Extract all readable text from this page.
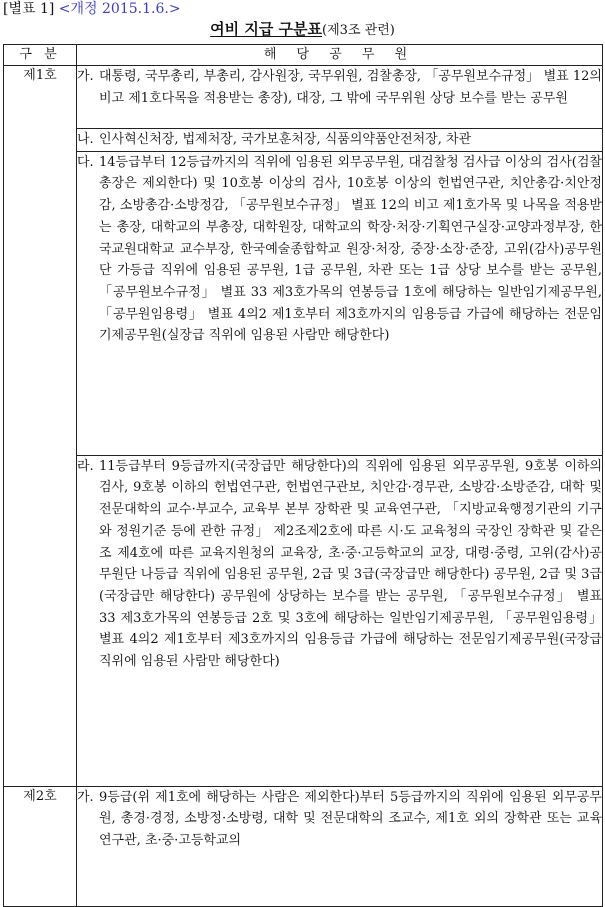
[별표 1] <개정 2015.1.6.>
여비 지급 구분표(제3조 관련)
구 분	해 당 공 무 원
제1호	가. 대통령, 국무총리, 부총리, 감사원장, 국무위원, 검찰총장, 「공무원보수규정」 별표 12의 비고 제1호다목을 적용받는 총장), 대장, 그 밖에 국무위원 상당 보수를 받는 공무원

	나. 인사혁신처장, 법제처장, 국가보훈처장, 식품의약품안전처장, 차관

	다. 14등급부터 12등급까지의 직위에 임용된 외무공무원, 대검찰청 검사급 이상의 검사(검찰총장은 제외한다) 및 10호봉 이상의 검사, 10호봉 이상의 헌법연구관, 치안총감·치안정감, 소방총감·소방정감, 「공무원보수규정」 별표 12의 비고 제1호가목 및 나목을 적용받는 총장, 대학교의 부총장, 대학원장, 대학교의 학장·처장·기획연구실장·교양과정부장, 한국교원대학교 교수부장, 한국예술종합학교 원장·처장, 중장·소장·준장, 고위(감사)공무원단 가등급 직위에 임용된 공무원, 1급 공무원, 차관 또는 1급 상당 보수를 받는 공무원, 「공무원보수규정」 별표 33 제3호가목의 연봉등급 1호에 해당하는 일반임기제공무원, 「공무원임용령」 별표 4의2 제1호부터 제3호까지의 임용등급 가급에 해당하는 전문임기제공무원(실장급 직위에 임용된 사람만 해당한다)

	라. 11등급부터 9등급까지(국장급만 해당한다)의 직위에 임용된 외무공무원, 9호봉 이하의 검사, 9호봉 이하의 헌법연구관, 헌법연구관보, 치안감·경무관, 소방감·소방준감, 대학 및 전문대학의 교수·부교수, 교육부 본부 장학관 및 교육연구관, 「지방교육행정기관의 기구와 정원기준 등에 관한 규정」 제2조제2호에 따른 시·도 교육청의 국장인 장학관 및 같은 조 제4호에 따른 교육지원청의 교육장, 초·중·고등학교의 교장, 대령·중령, 고위(감사)공무원단 나등급 직위에 임용된 공무원, 2급 및 3급(국장급만 해당한다) 공무원, 2급 및 3급(국장급만 해당한다) 공무원에 상당하는 보수를 받는 공무원, 「공무원보수규정」 별표 33 제3호가목의 연봉등급 2호 및 3호에 해당하는 일반임기제공무원, 「공무원임용령」 별표 4의2 제1호부터 제3호까지의 임용등급 가급에 해당하는 전문임기제공무원(국장급 직위에 임용된 사람만 해당한다)

제2호	가. 9등급(위 제1호에 해당하는 사람은 제외한다)부터 5등급까지의 직위에 임용된 외무공무원, 총경·경정, 소방정·소방령, 대학 및 전문대학의 조교수, 제1호 외의 장학관 또는 교육연구관, 초·중·고등학교의
